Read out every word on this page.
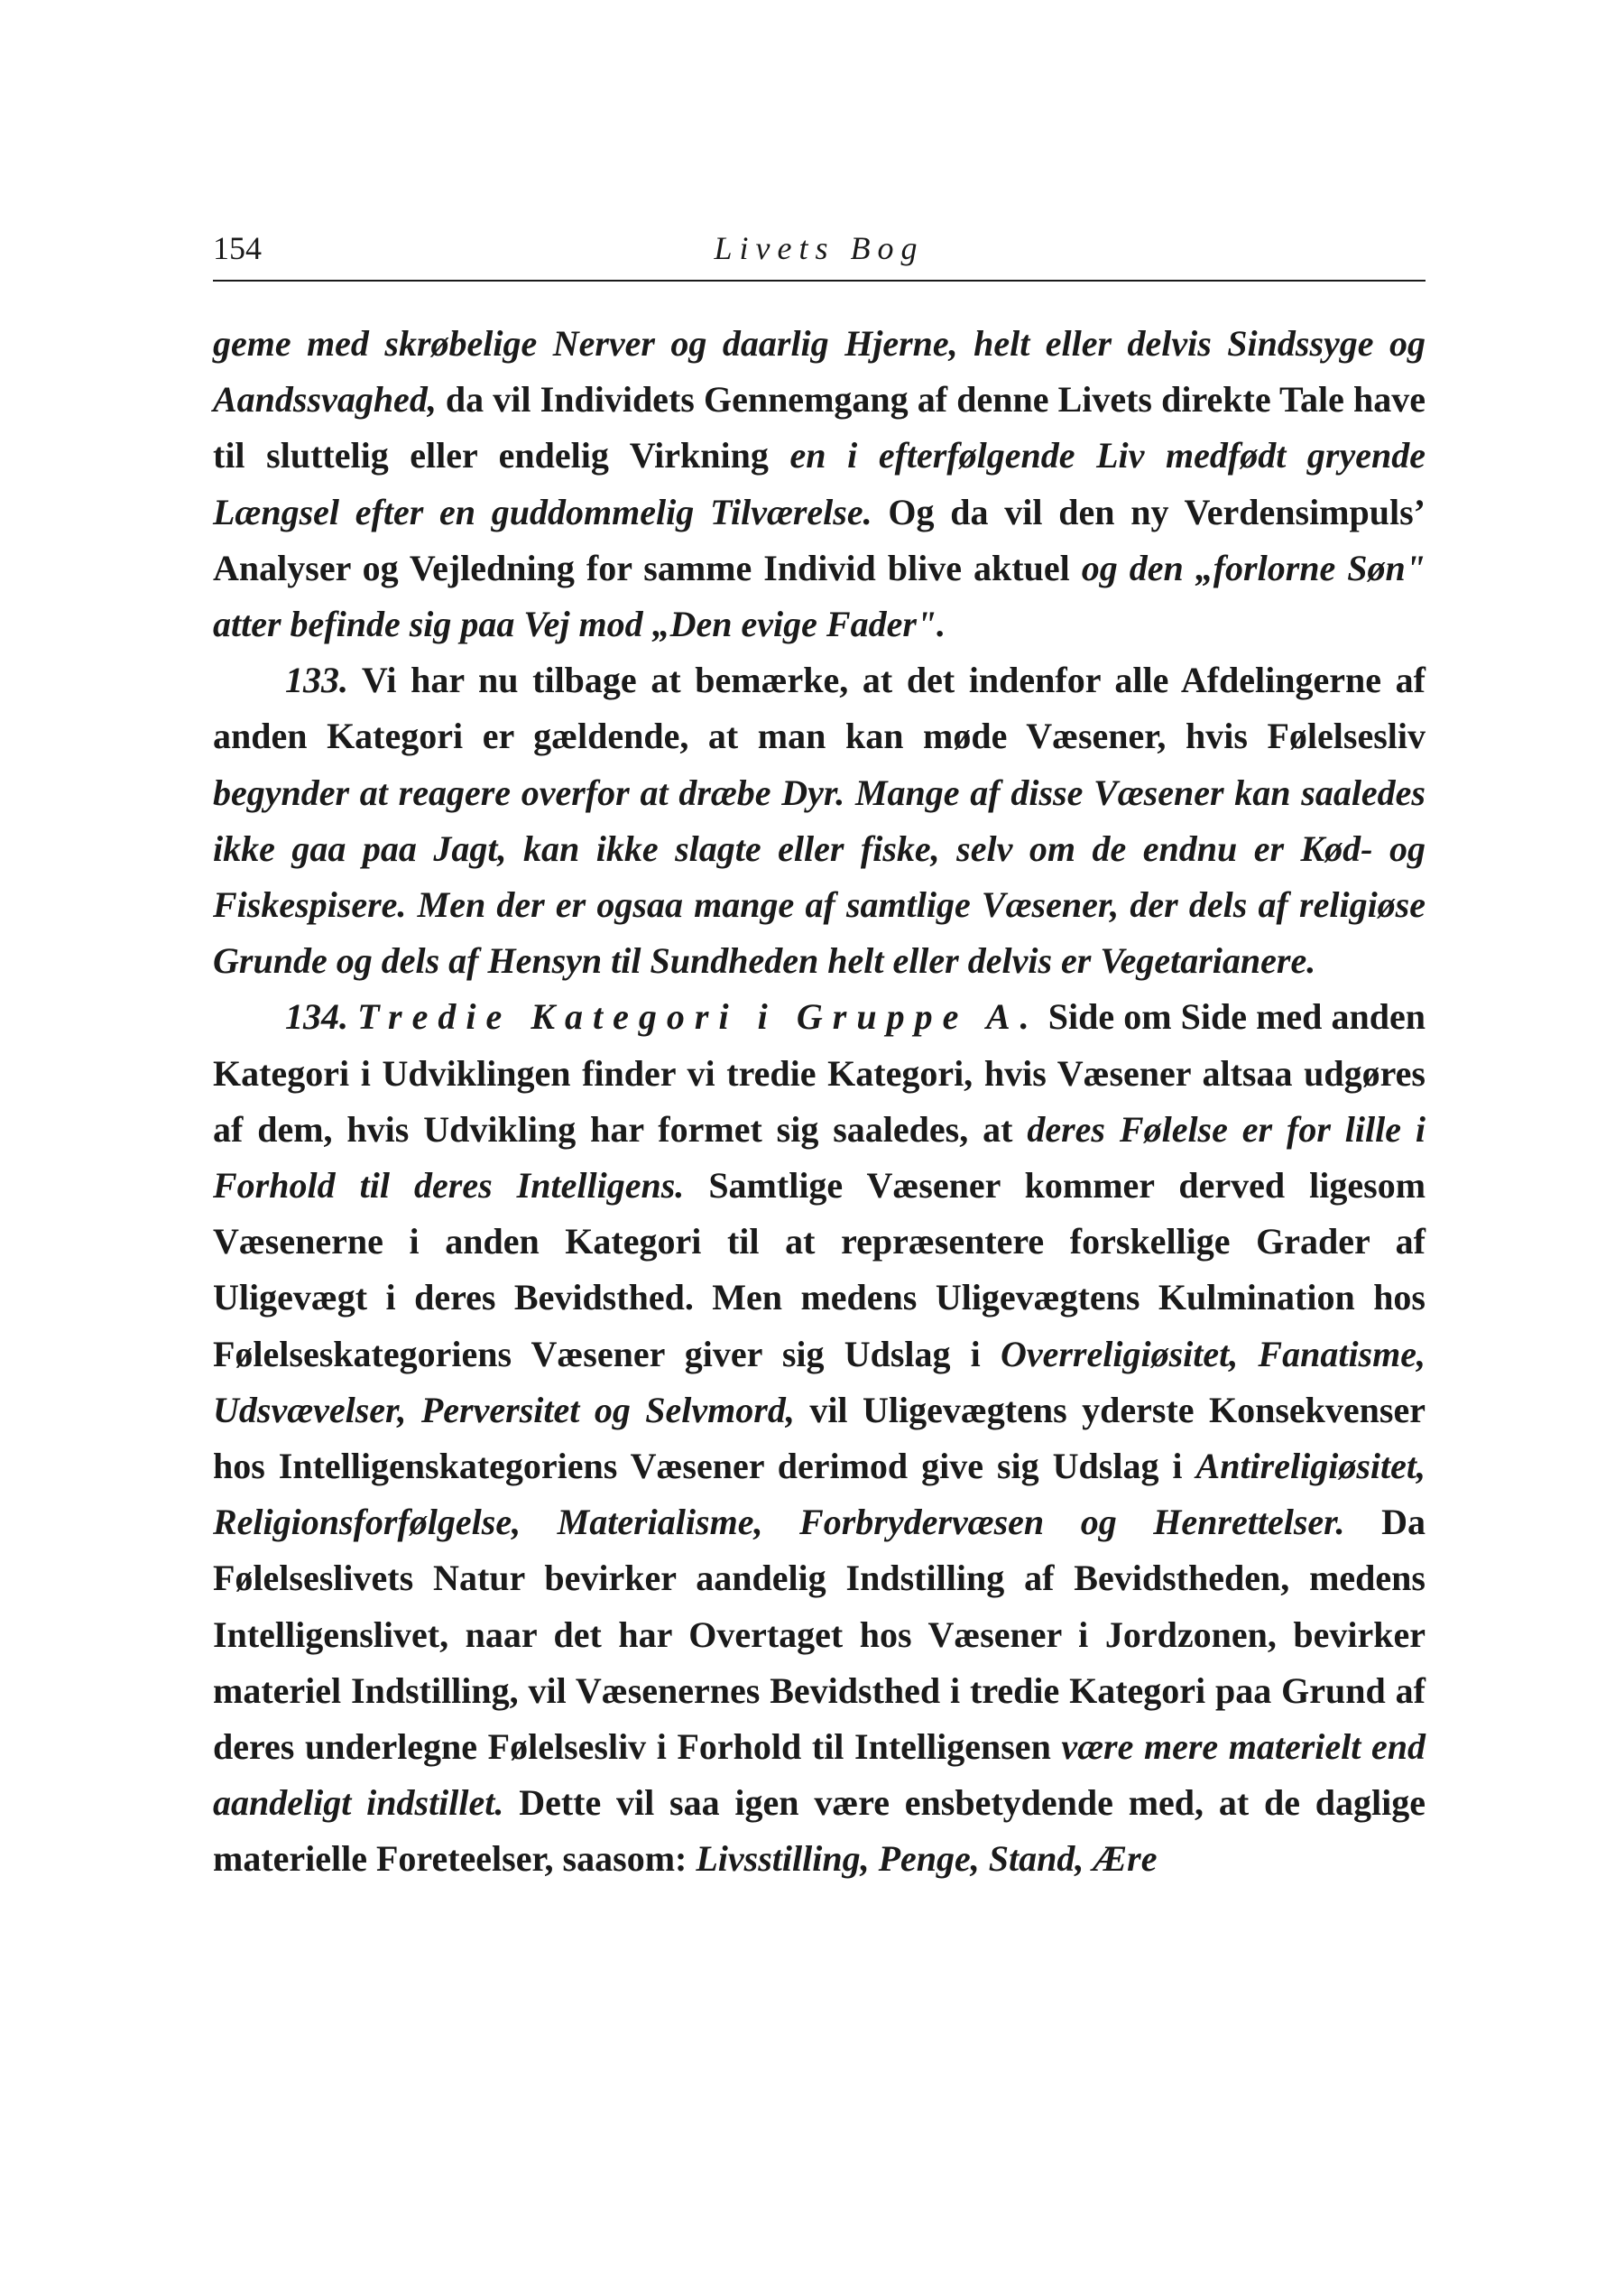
154	Livets Bog

geme med skrøbelige Nerver og daarlig Hjerne, helt eller delvis Sindssyge og Aandssvaghed, da vil Individets Gennemgang af denne Livets direkte Tale have til sluttelig eller endelig Virkning en i efterfølgende Liv medfødt gryende Længsel efter en guddommelig Tilværelse. Og da vil den ny Verdensimpuls’ Analyser og Vejledning for samme Individ blive aktuel og den „forlorne Søn" atter befinde sig paa Vej mod „Den evige Fader".

133. Vi har nu tilbage at bemærke, at det indenfor alle Afdelingerne af anden Kategori er gældende, at man kan møde Væsener, hvis Følelsesliv begynder at reagere overfor at dræbe Dyr. Mange af disse Væsener kan saaledes ikke gaa paa Jagt, kan ikke slagte eller fiske, selv om de endnu er Kød- og Fiskespisere. Men der er ogsaa mange af samtlige Væsener, der dels af religiøse Grunde og dels af Hensyn til Sundheden helt eller delvis er Vegetarianere.

134. Tredie Kategori i Gruppe A. Side om Side med anden Kategori i Udviklingen finder vi tredie Kategori, hvis Væsener altsaa udgøres af dem, hvis Udvikling har formet sig saaledes, at deres Følelse er for lille i Forhold til deres Intelligens. Samtlige Væsener kommer derved ligesom Væsenerne i anden Kategori til at repræsentere forskellige Grader af Uligevægt i deres Bevidsthed. Men medens Uligevægtens Kulmination hos Følelseskategoriens Væsener giver sig Udslag i Overreligiøsitet, Fanatisme, Udsvævelser, Perversitet og Selvmord, vil Uligevægtens yderste Konsekvenser hos Intelligenskategoriens Væsener derimod give sig Udslag i Antireligiøsitet, Religionsforfølgelse, Materialisme, Forbrydervæsen og Henrettelser. Da Følelseslivets Natur bevirker aandelig Indstilling af Bevidstheden, medens Intelligenslivet, naar det har Overtaget hos Væsener i Jordzonen, bevirker materiel Indstilling, vil Væsenernes Bevidsthed i tredie Kategori paa Grund af deres underlegne Følelsesliv i Forhold til Intelligensen være mere materielt end aandeligt indstillet. Dette vil saa igen være ensbetydende med, at de daglige materielle Foreteelser, saasom: Livsstilling, Penge, Stand, Ære
